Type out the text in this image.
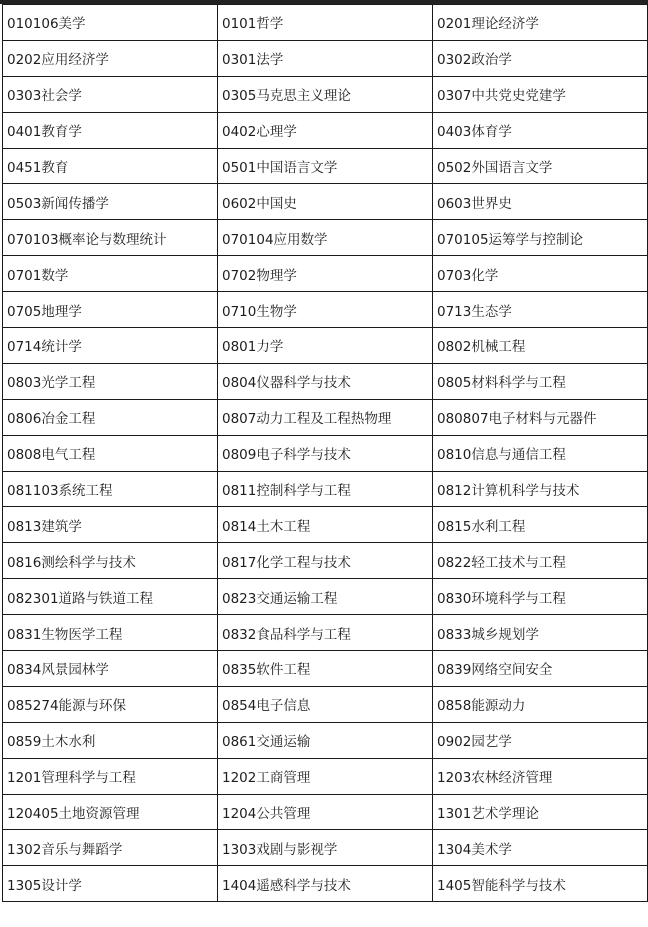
010106美学	0101哲学	0201理论经济学
0202应用经济学	0301法学	0302政治学
0303社会学	0305马克思主义理论	0307中共党史党建学
0401教育学	0402心理学	0403体育学
0451教育	0501中国语言文学	0502外国语言文学
0503新闻传播学	0602中国史	0603世界史
070103概率论与数理统计	070104应用数学	070105运筹学与控制论
0701数学	0702物理学	0703化学
0705地理学	0710生物学	0713生态学
0714统计学	0801力学	0802机械工程
0803光学工程	0804仪器科学与技术	0805材料科学与工程
0806冶金工程	0807动力工程及工程热物理	080807电子材料与元器件
0808电气工程	0809电子科学与技术	0810信息与通信工程
081103系统工程	0811控制科学与工程	0812计算机科学与技术
0813建筑学	0814土木工程	0815水利工程
0816测绘科学与技术	0817化学工程与技术	0822轻工技术与工程
082301道路与铁道工程	0823交通运输工程	0830环境科学与工程
0831生物医学工程	0832食品科学与工程	0833城乡规划学
0834风景园林学	0835软件工程	0839网络空间安全
085274能源与环保	0854电子信息	0858能源动力
0859土木水利	0861交通运输	0902园艺学
1201管理科学与工程	1202工商管理	1203农林经济管理
120405土地资源管理	1204公共管理	1301艺术学理论
1302音乐与舞蹈学	1303戏剧与影视学	1304美术学
1305设计学	1404遥感科学与技术	1405智能科学与技术
